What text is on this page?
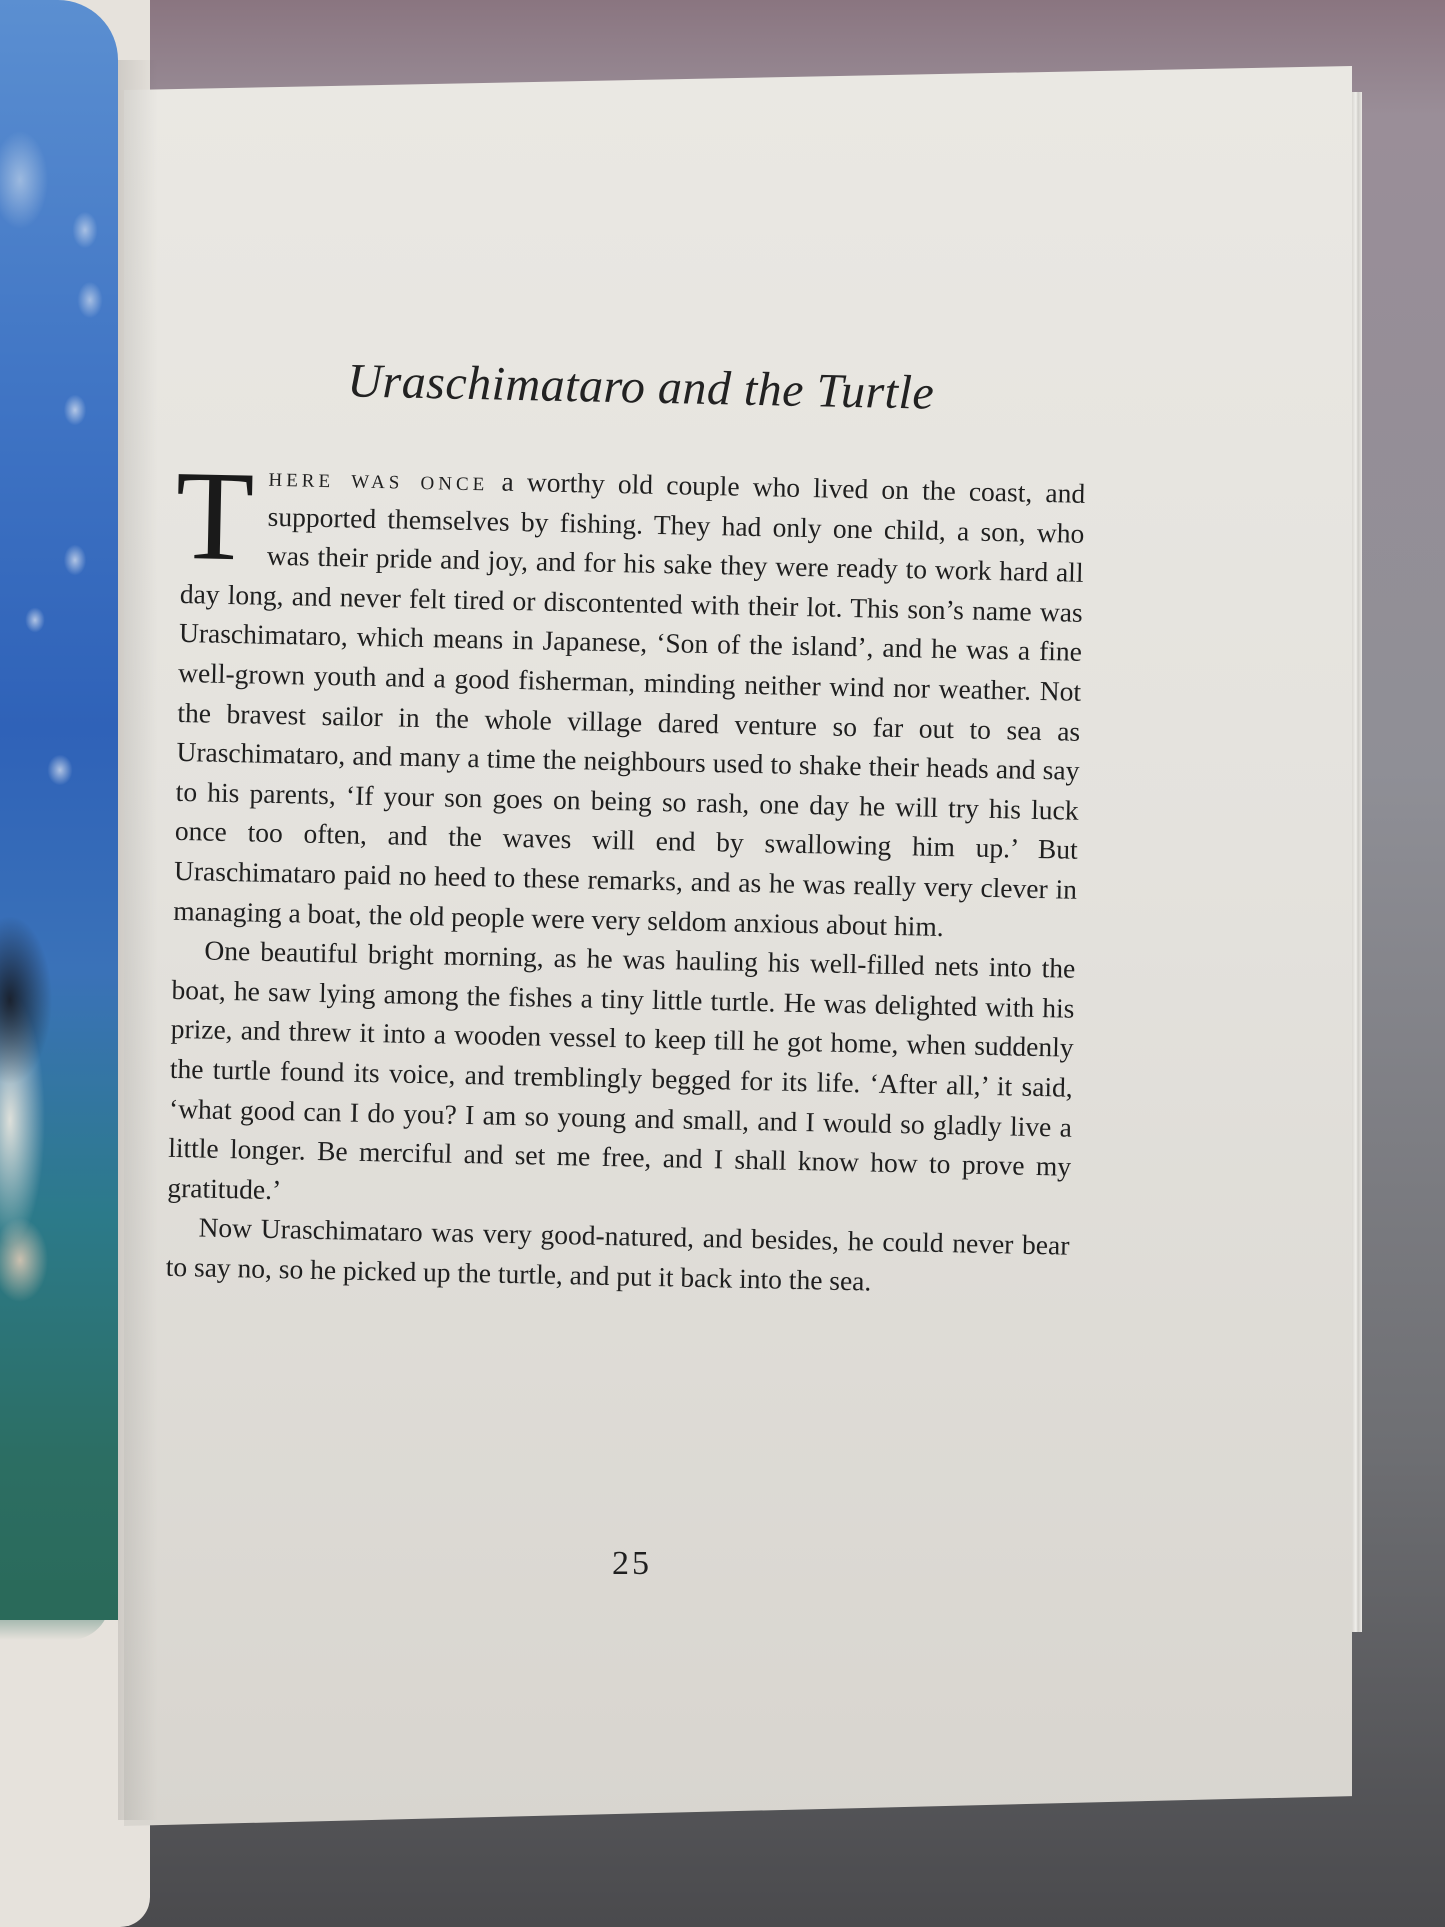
Uraschimataro and the Turtle

There was once a worthy old couple who lived on the coast, and supported themselves by fishing. They had only one child, a son, who was their pride and joy, and for his sake they were ready to work hard all day long, and never felt tired or discontented with their lot. This son’s name was Uraschimataro, which means in Japanese, ‘Son of the island’, and he was a fine well-grown youth and a good fisherman, minding neither wind nor weather. Not the bravest sailor in the whole village dared venture so far out to sea as Uraschimataro, and many a time the neighbours used to shake their heads and say to his parents, ‘If your son goes on being so rash, one day he will try his luck once too often, and the waves will end by swallowing him up.’ But Uraschimataro paid no heed to these remarks, and as he was really very clever in managing a boat, the old people were very seldom anxious about him.

One beautiful bright morning, as he was hauling his well-filled nets into the boat, he saw lying among the fishes a tiny little turtle. He was delighted with his prize, and threw it into a wooden vessel to keep till he got home, when suddenly the turtle found its voice, and tremblingly begged for its life. ‘After all,’ it said, ‘what good can I do you? I am so young and small, and I would so gladly live a little longer. Be merciful and set me free, and I shall know how to prove my gratitude.’

Now Uraschimataro was very good-natured, and besides, he could never bear to say no, so he picked up the turtle, and put it back into the sea.

25
